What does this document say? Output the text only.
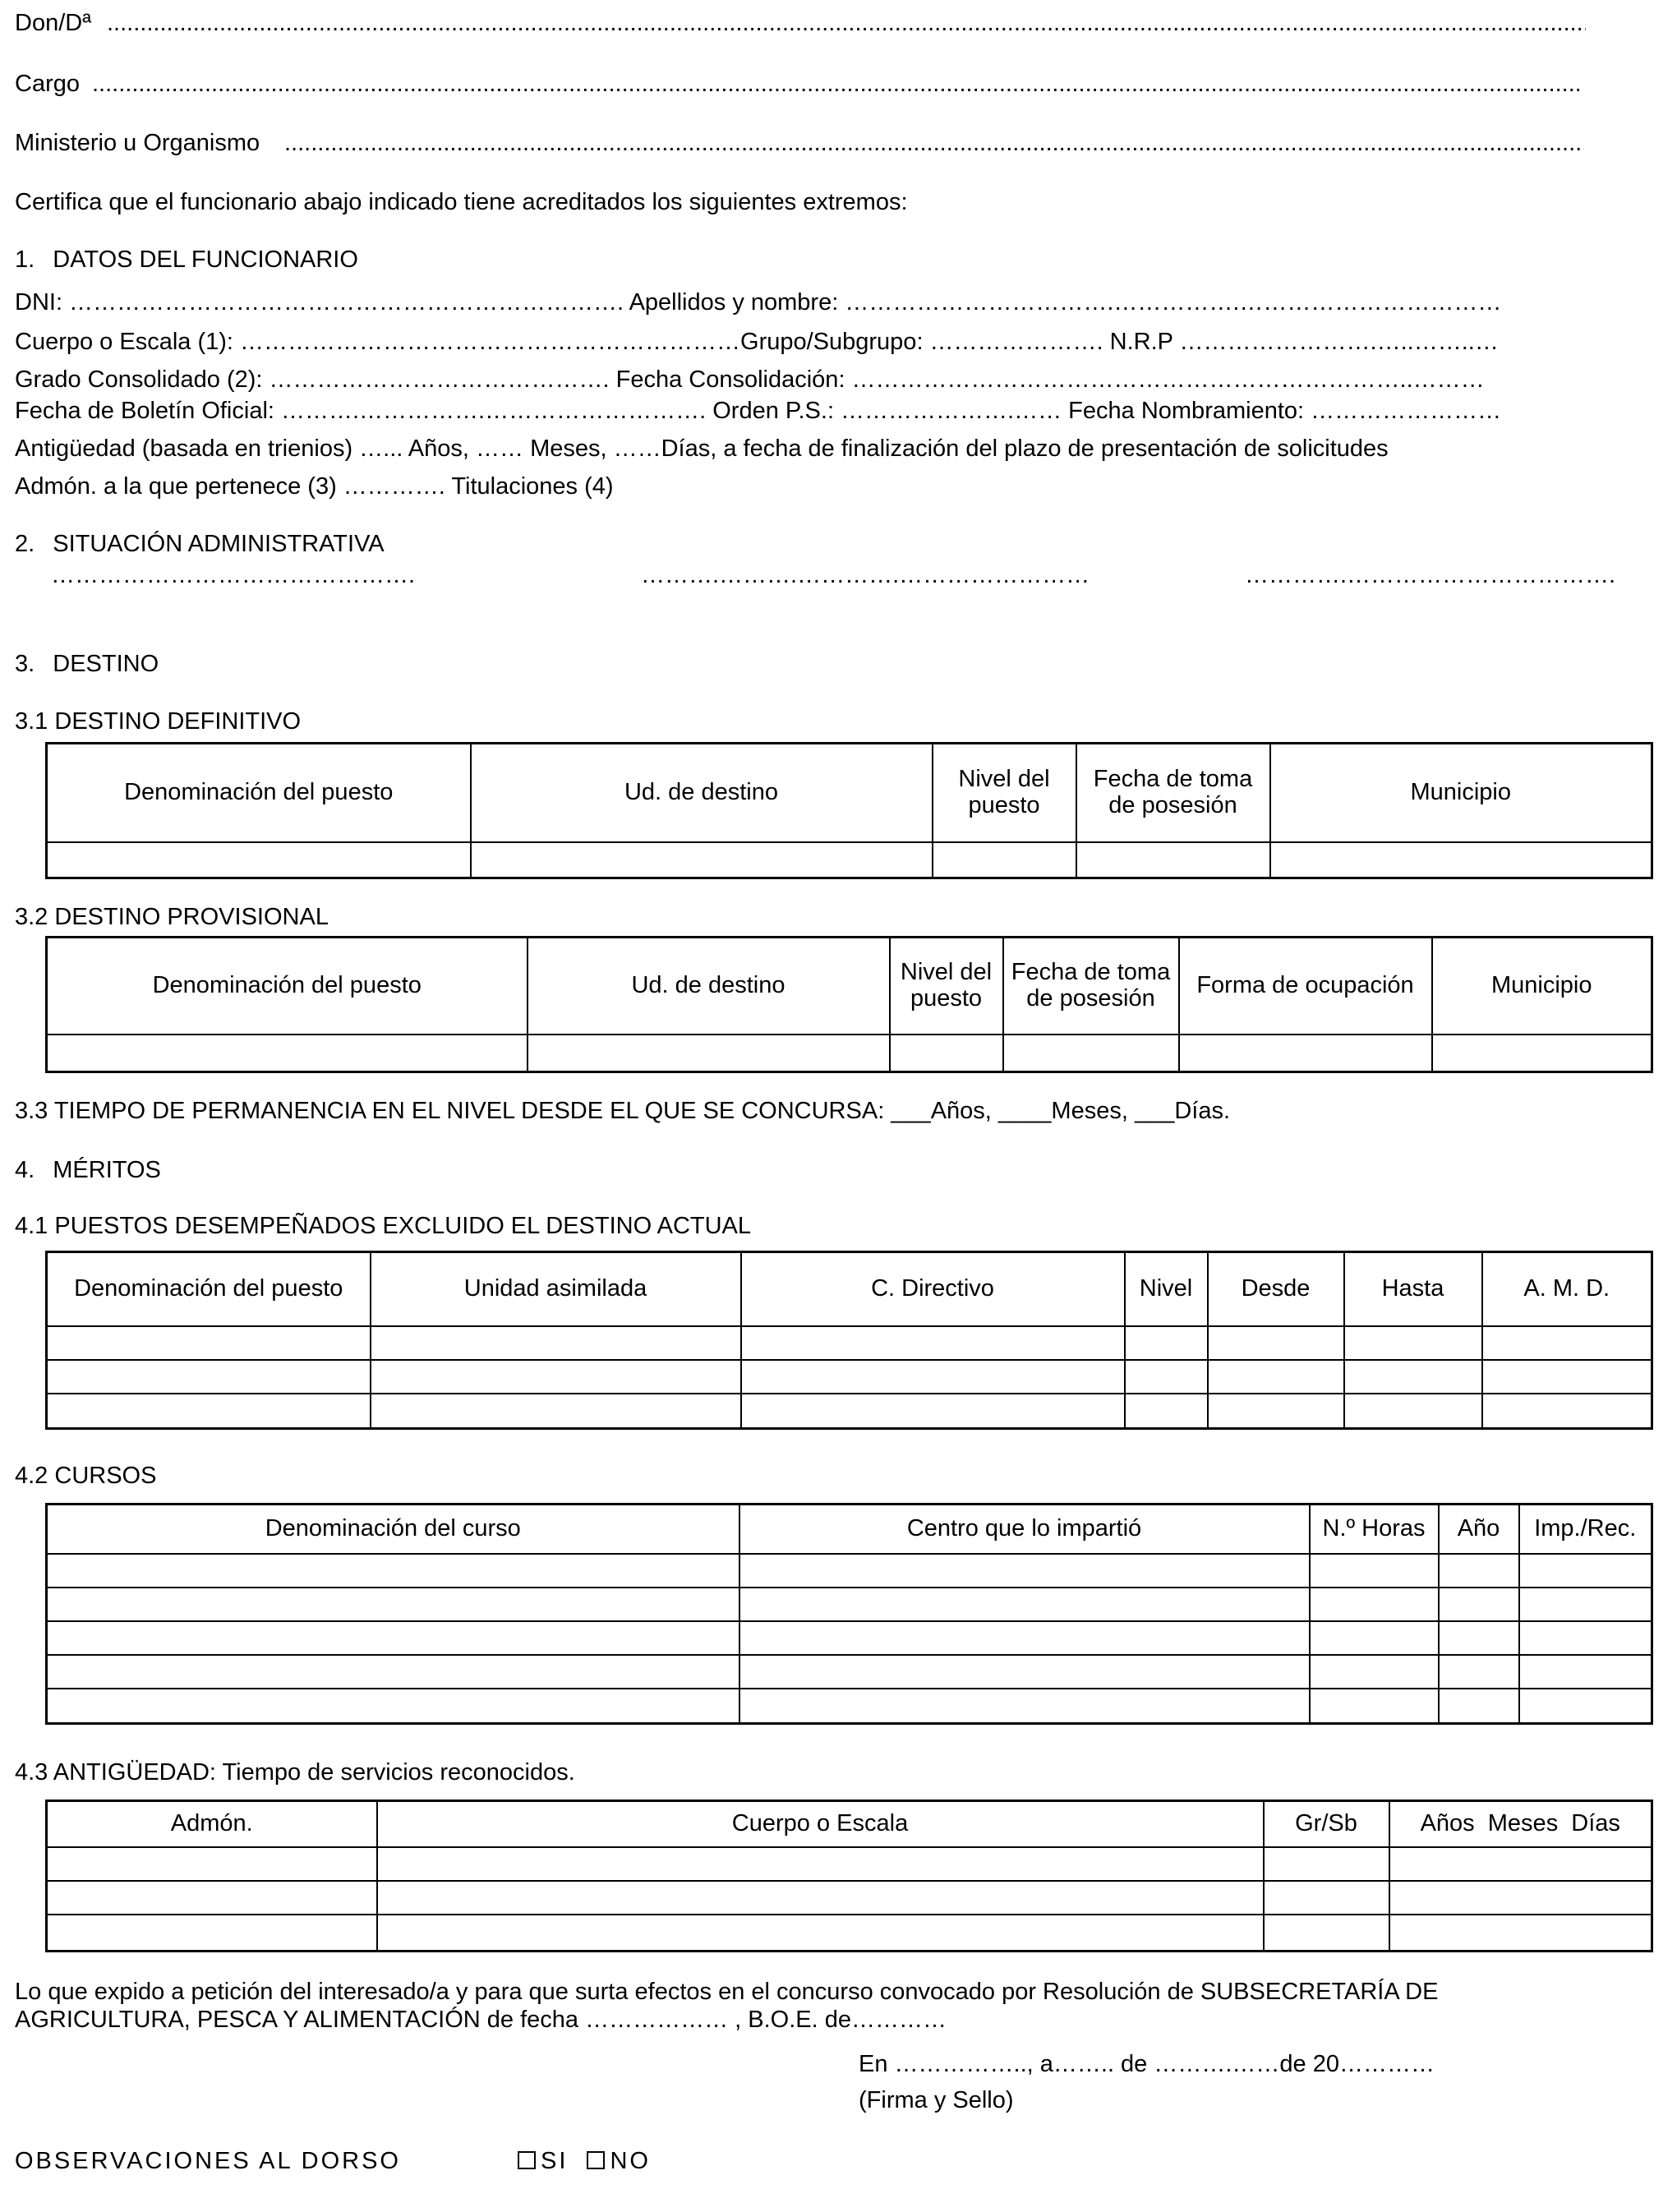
Don/Dª
.....
Cargo
.....
Ministerio u Organismo
.....
Certifica que el funcionario abajo indicado tiene acreditados los siguientes extremos:
1. DATOS DEL FUNCIONARIO
DNI: ……………………………………………………………. Apellidos y nombre: …………………………….…………….……………………………
Cuerpo o Escala (1): ………………………………………………………Grupo/Subgrupo: …………………. N.R.P …………………….…..……..…
Grado Consolidado (2): ……………………………………. Fecha Consolidación: ……………………………………………………………..………
Fecha de Boletín Oficial: ……….…………….………………………. Orden P.S.: ………………….…… Fecha Nombramiento: ……………………
Antigüedad (basada en trienios) …... Años, …… Meses, ……Días, a fecha de finalización del plazo de presentación de solicitudes
Admón. a la que pertenece (3) …………. Titulaciones (4)
2. SITUACIÓN ADMINISTRATIVA
……………………………………….	……….……….………….……………………	………….…………………………….
3. DESTINO
3.1 DESTINO DEFINITIVO
Denominación del puesto	Ud. de destino	Nivel del puesto	Fecha de toma de posesión	Municipio

3.2 DESTINO PROVISIONAL
Denominación del puesto	Ud. de destino	Nivel del puesto	Fecha de toma de posesión	Forma de ocupación	Municipio

3.3 TIEMPO DE PERMANENCIA EN EL NIVEL DESDE EL QUE SE CONCURSA: ___Años, ____Meses, ___Días.
4. MÉRITOS
4.1 PUESTOS DESEMPEÑADOS EXCLUIDO EL DESTINO ACTUAL
Denominación del puesto	Unidad asimilada	C. Directivo	Nivel	Desde	Hasta	A. M. D.

4.2 CURSOS
Denominación del curso	Centro que lo impartió	N.º Horas	Año	Imp./Rec.

4.3 ANTIGÜEDAD: Tiempo de servicios reconocidos.
Admón.	Cuerpo o Escala	Gr/Sb	Años  Meses  Días

Lo que expido a petición del interesado/a y para que surta efectos en el concurso convocado por Resolución de SUBSECRETARÍA DE
AGRICULTURA, PESCA Y ALIMENTACIÓN de fecha ……………… , B.O.E. de…………
En …………….., a…….. de ……….……de 20…………
(Firma y Sello)
OBSERVACIONES AL DORSO	SI NO
